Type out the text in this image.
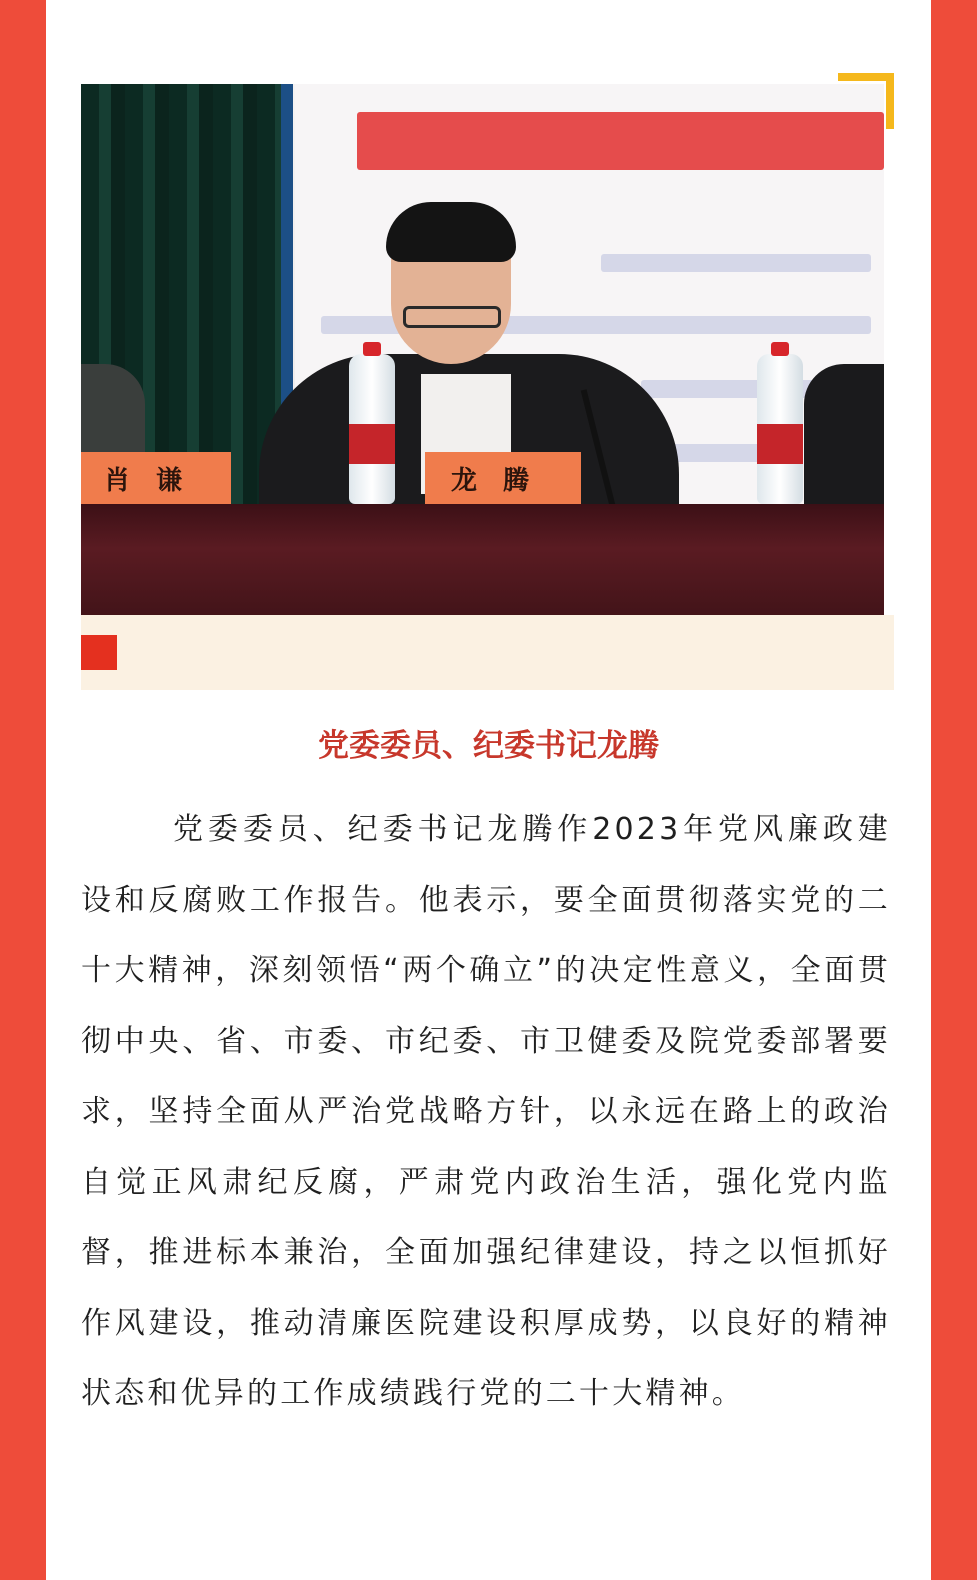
肖谦	龙腾
党委委员、纪委书记龙腾

党委委员、纪委书记龙腾作2023年党风廉政建设和反腐败工作报告。他表示，要全面贯彻落实党的二十大精神，深刻领悟“两个确立”的决定性意义，全面贯彻中央、省、市委、市纪委、市卫健委及院党委部署要求，坚持全面从严治党战略方针，以永远在路上的政治自觉正风肃纪反腐，严肃党内政治生活，强化党内监督，推进标本兼治，全面加强纪律建设，持之以恒抓好作风建设，推动清廉医院建设积厚成势，以良好的精神状态和优异的工作成绩践行党的二十大精神。
